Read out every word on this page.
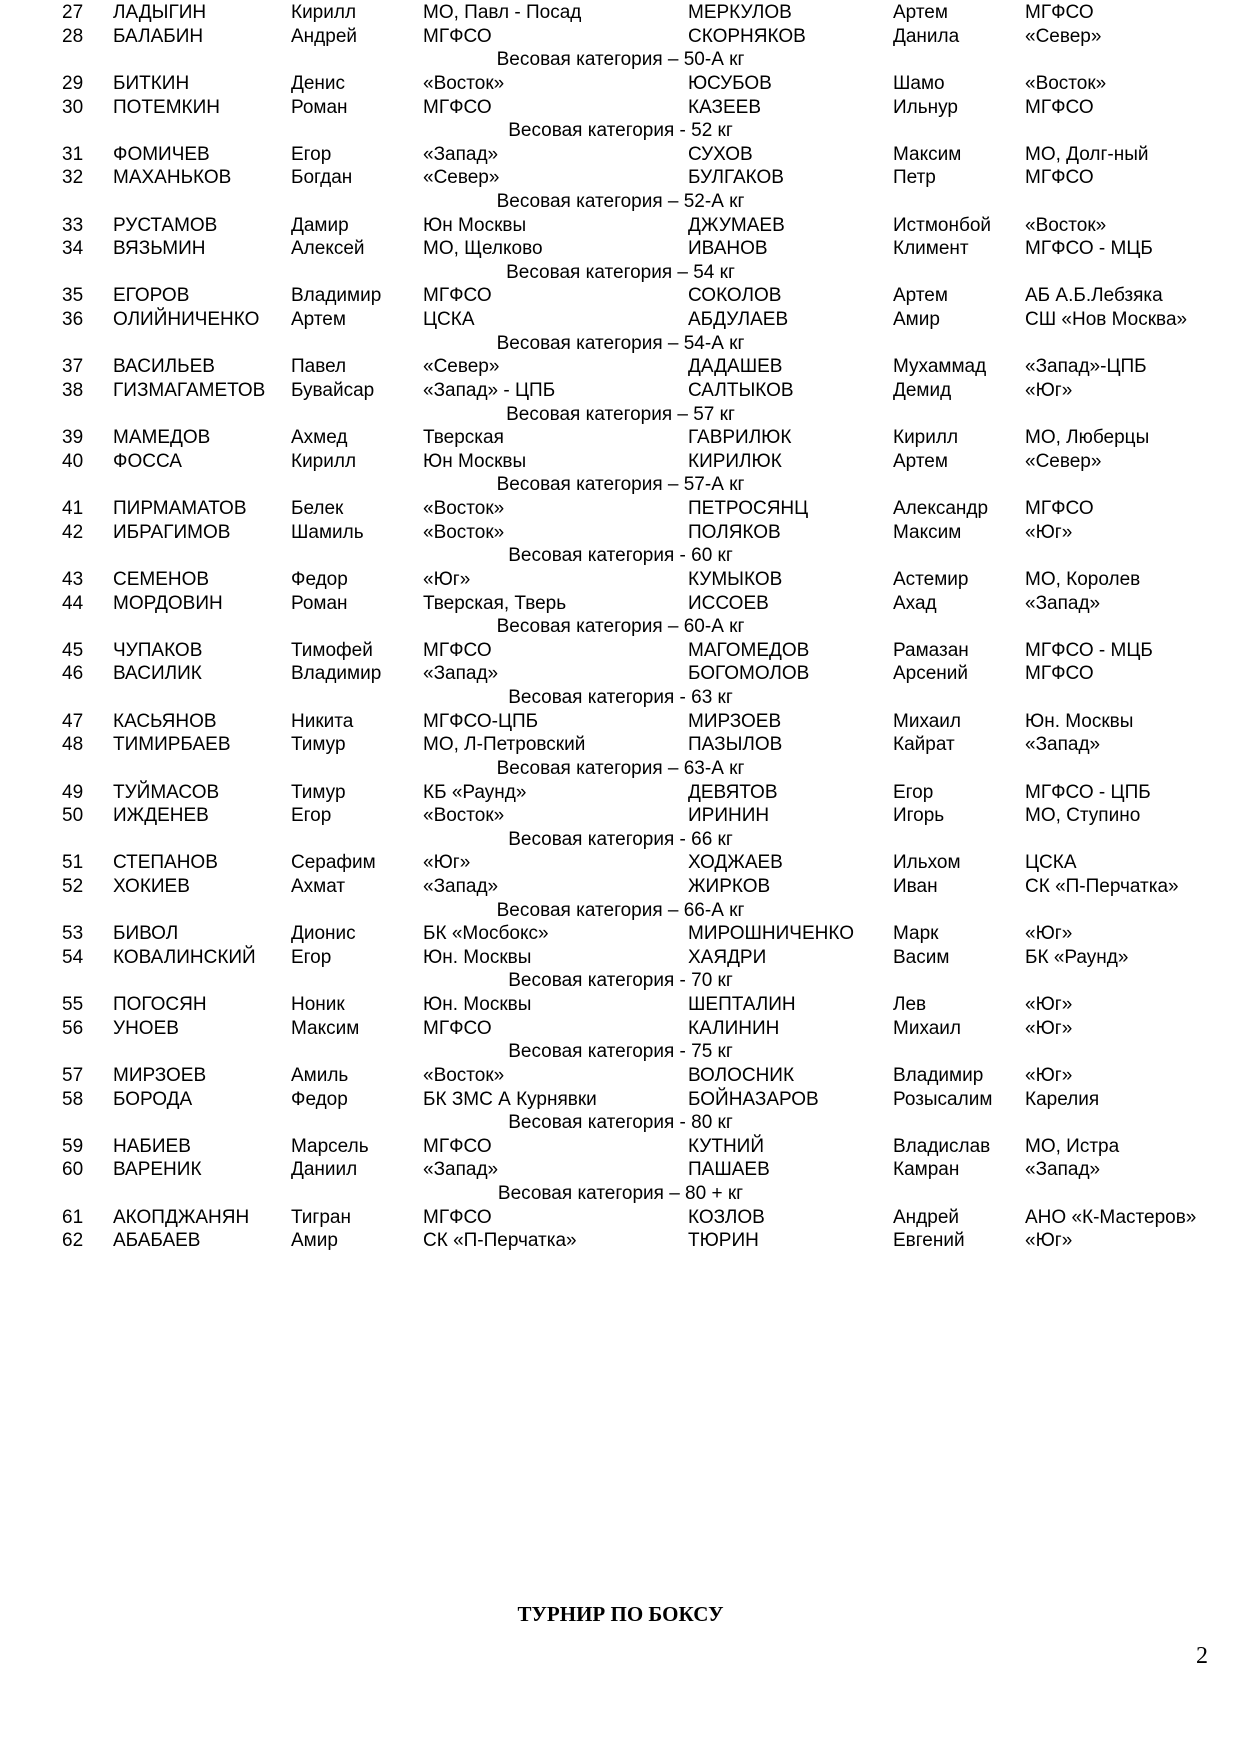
27 ЛАДЫГИН	Кирилл	МО, Павл - Посад	МЕРКУЛОВ	Артем	МГФСО
28 БАЛАБИН	Андрей	МГФСО	СКОРНЯКОВ	Данила	«Север»
Весовая категория – 50-А кг
29 БИТКИН	Денис	«Восток»	ЮСУБОВ	Шамо	«Восток»
30 ПОТЕМКИН	Роман	МГФСО	КАЗЕЕВ	Ильнур	МГФСО
Весовая категория - 52 кг
31 ФОМИЧЕВ	Егор	«Запад»	СУХОВ	Максим	МО, Долг-ный
32 МАХАНЬКОВ	Богдан	«Север»	БУЛГАКОВ	Петр	МГФСО
Весовая категория – 52-А кг
33 РУСТАМОВ	Дамир	Юн Москвы	ДЖУМАЕВ	Истмонбой «Восток»
34 ВЯЗЬМИН	Алексей	МО, Щелково	ИВАНОВ	Климент	МГФСО - МЦБ
Весовая категория – 54 кг
35 ЕГОРОВ	Владимир МГФСО	СОКОЛОВ	Артем	АБ А.Б.Лебзяка
36 ОЛИЙНИЧЕНКО Артем	ЦСКА	АБДУЛАЕВ	Амир	СШ «Нов Москва»
Весовая категория – 54-А кг
37 ВАСИЛЬЕВ	Павел	«Север»	ДАДАШЕВ	Мухаммад «Запад»-ЦПБ
38 ГИЗМАГАМЕТОВ Бувайсар	«Запад» - ЦПБ	САЛТЫКОВ	Демид	«Юг»
Весовая категория – 57 кг
39 МАМЕДОВ	Ахмед	Тверская	ГАВРИЛЮК	Кирилл	МО, Люберцы
40 ФОССА	Кирилл	Юн Москвы	КИРИЛЮК	Артем	«Север»
Весовая категория – 57-А кг
41 ПИРМАМАТОВ Белек	«Восток»	ПЕТРОСЯНЦ	Александр МГФСО
42 ИБРАГИМОВ	Шамиль	«Восток»	ПОЛЯКОВ	Максим	«Юг»
Весовая категория - 60 кг
43 СЕМЕНОВ	Федор	«Юг»	КУМЫКОВ	Астемир	МО, Королев
44 МОРДОВИН	Роман	Тверская, Тверь	ИССОЕВ	Ахад	«Запад»
Весовая категория – 60-А кг
45 ЧУПАКОВ	Тимофей	МГФСО	МАГОМЕДОВ	Рамазан	МГФСО - МЦБ
46 ВАСИЛИК	Владимир «Запад»	БОГОМОЛОВ	Арсений	МГФСО
Весовая категория - 63 кг
47 КАСЬЯНОВ	Никита	МГФСО-ЦПБ	МИРЗОЕВ	Михаил	Юн. Москвы
48 ТИМИРБАЕВ	Тимур	МО, Л-Петровский	ПАЗЫЛОВ	Кайрат	«Запад»
Весовая категория – 63-А кг
49 ТУЙМАСОВ	Тимур	КБ «Раунд»	ДЕВЯТОВ	Егор	МГФСО - ЦПБ
50 ИЖДЕНЕВ	Егор	«Восток»	ИРИНИН	Игорь	МО, Ступино
Весовая категория - 66 кг
51 СТЕПАНОВ	Серафим «Юг»	ХОДЖАЕВ	Ильхом	ЦСКА
52 ХОКИЕВ	Ахмат	«Запад»	ЖИРКОВ	Иван	СК «П-Перчатка»
Весовая категория – 66-А кг
53 БИВОЛ	Дионис	БК «Мосбокс»	МИРОШНИЧЕНКО Марк	«Юг»
54 КОВАЛИНСКИЙ Егор	Юн. Москвы	ХАЯДРИ	Васим	БК «Раунд»
Весовая категория - 70 кг
55 ПОГОСЯН	Нoник	Юн. Москвы	ШЕПТАЛИН	Лев	«Юг»
56 УНОЕВ	Максим	МГФСО	КАЛИНИН	Михаил	«Юг»
Весовая категория - 75 кг
57 МИРЗОЕВ	Амиль	«Восток»	ВОЛОСНИК	Владимир «Юг»
58 БОРОДА	Федор	БК ЗМС А Курнявки	БОЙНАЗАРОВ	Розысалим Карелия
Весовая категория - 80 кг
59 НАБИЕВ	Марсель	МГФСО	КУТНИЙ	Владислав МО, Истра
60 ВАРЕНИК	Даниил	«Запад»	ПАШАЕВ	Камран	«Запад»
Весовая категория – 80 + кг
61 АКОПДЖАНЯН Тигран	МГФСО	КОЗЛОВ	Андрей	АНО «К-Мастеров»
62 АБАБАЕВ	Амир	СК «П-Перчатка»	ТЮРИН	Евгений	«Юг»
ТУРНИР ПО БОКСУ
2
